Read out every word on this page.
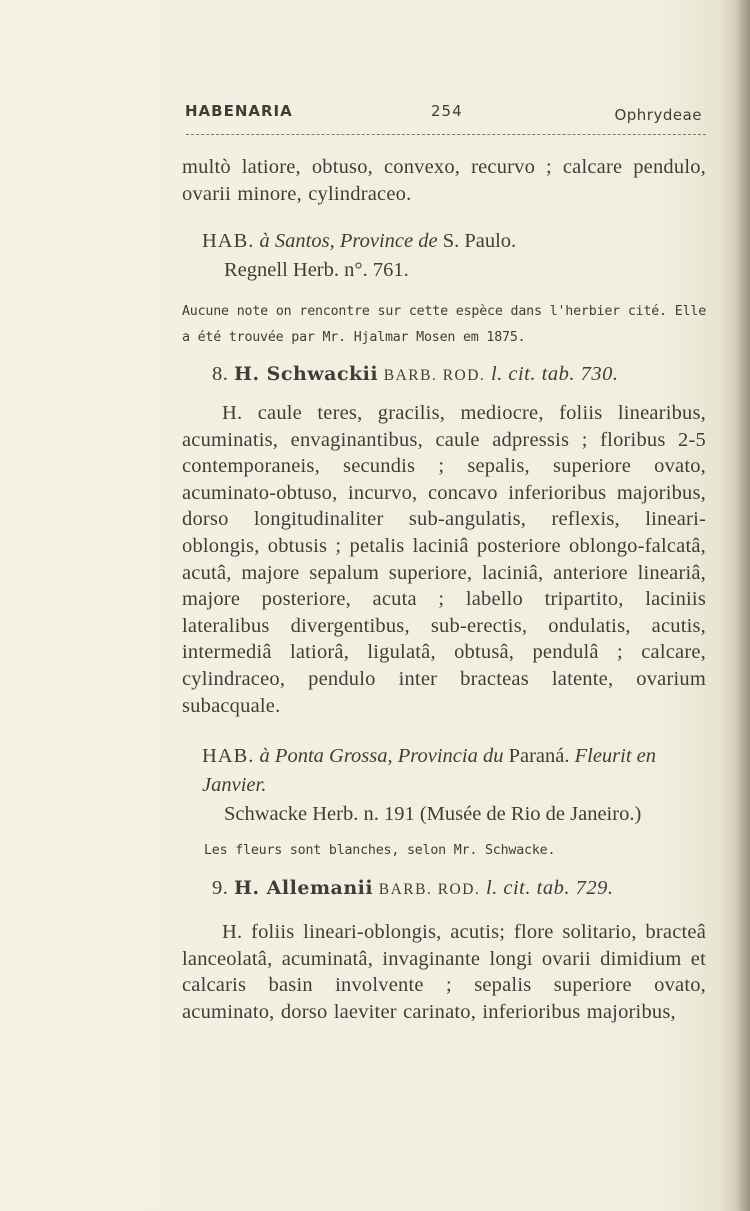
HABENARIA	254	Ophrydeae
multò latiore, obtuso, convexo, recurvo ; calcare pendulo, ovarii minore, cylindraceo.
HAB. à Santos, Province de S. Paulo.
Regnell Herb. n°. 761.
Aucune note on rencontre sur cette espèce dans l'herbier cité. Elle a été trouvée par Mr. Hjalmar Mosen em 1875.
8. H. Schwackii BARB. ROD. l. cit. tab. 730.
H. caule teres, gracilis, mediocre, foliis linearibus, acuminatis, envaginantibus, caule adpressis ; floribus 2-5 contemporaneis, secundis ; sepalis, superiore ovato, acuminato-obtuso, incurvo, concavo inferioribus majoribus, dorso longitudinaliter sub-angulatis, reflexis, lineari-oblongis, obtusis ; petalis laciniâ posteriore oblongo-falcatâ, acutâ, majore sepalum superiore, laciniâ, anteriore lineariâ, majore posteriore, acuta ; labello tripartito, laciniis lateralibus divergentibus, sub-erectis, ondulatis, acutis, intermediâ latiorâ, ligulatâ, obtusâ, pendulâ ; calcare, cylindraceo, pendulo inter bracteas latente, ovarium subacquale.
HAB. à Ponta Grossa, Provincia du Paraná. Fleurit en Janvier.
Schwacke Herb. n. 191 (Musée de Rio de Janeiro.)
Les fleurs sont blanches, selon Mr. Schwacke.
9. H. Allemanii BARB. ROD. l. cit. tab. 729.
H. foliis lineari-oblongis, acutis; flore solitario, bracteâ lanceolatâ, acuminatâ, invaginante longi ovarii dimidium et calcaris basin involvente ; sepalis superiore ovato, acuminato, dorso laeviter carinato, inferioribus majoribus,
